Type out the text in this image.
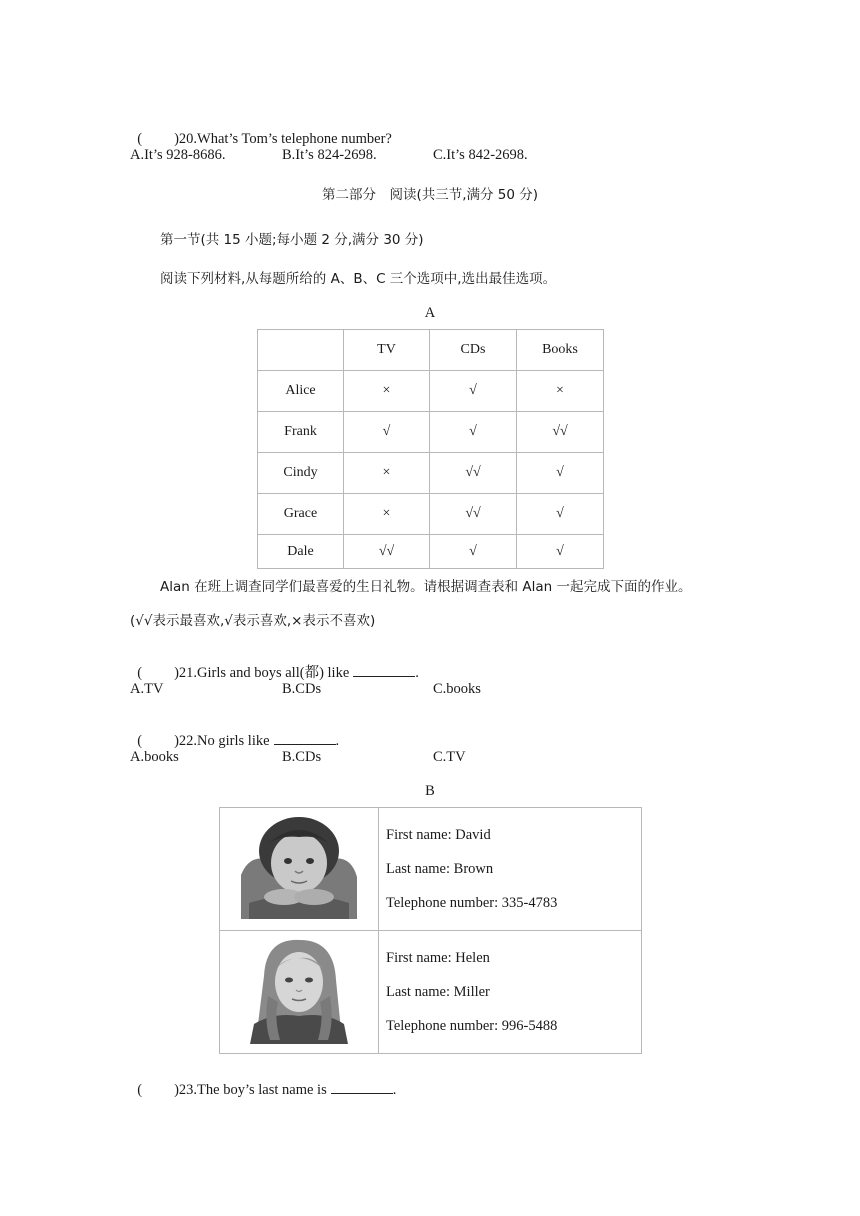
( )20.What’s Tom’s telephone number?

A.It’s 928-8686.	B.It’s 824-2698.	C.It’s 842-2698.
第二部分　阅读(共三节,满分 50 分)
第一节(共 15 小题;每小题 2 分,满分 30 分)
阅读下列材料,从每题所给的 A、B、C 三个选项中,选出最佳选项。
A
	TV	CDs	Books
Alice	×	√	×
Frank	√	√	√√
Cindy	×	√√	√
Grace	×	√√	√
Dale	√√	√	√
Alan 在班上调查同学们最喜爱的生日礼物。请根据调查表和 Alan 一起完成下面的作业。
(√√表示最喜欢,√表示喜欢,×表示不喜欢)

( )21.Girls and boys all(都) like	.

A.TV	B.CDs	C.books

( )22.No girls like	.

A.books	B.CDs	C.TV
B

First name: David
Last name: Brown
Telephone number: 335-4783

First name: Helen
Last name: Miller
Telephone number: 996-5488

( )23.The boy’s last name is	.
